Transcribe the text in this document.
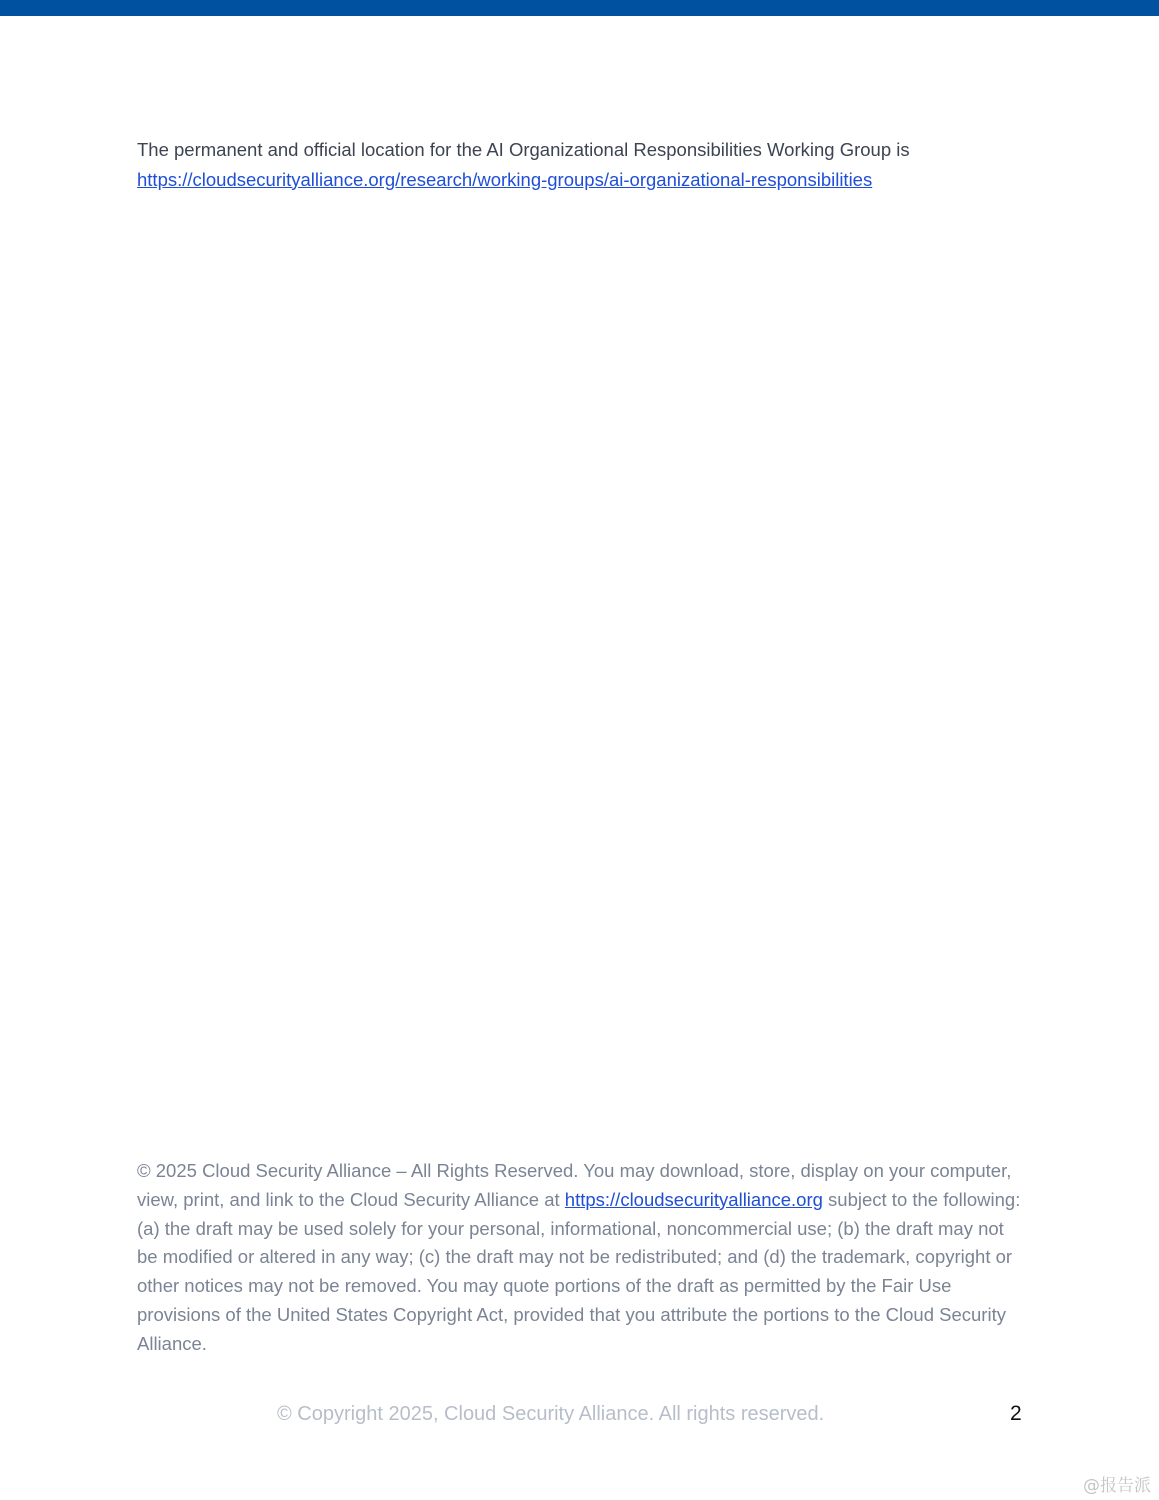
The permanent and official location for the AI Organizational Responsibilities Working Group is
https://cloudsecurityalliance.org/research/working-groups/ai-organizational-responsibilities
© 2025 Cloud Security Alliance – All Rights Reserved. You may download, store, display on your computer, view, print, and link to the Cloud Security Alliance at https://cloudsecurityalliance.org subject to the following: (a) the draft may be used solely for your personal, informational, noncommercial use; (b) the draft may not be modified or altered in any way; (c) the draft may not be redistributed; and (d) the trademark, copyright or other notices may not be removed. You may quote portions of the draft as permitted by the Fair Use provisions of the United States Copyright Act, provided that you attribute the portions to the Cloud Security Alliance.
© Copyright 2025, Cloud Security Alliance. All rights reserved.	2
@报告派
